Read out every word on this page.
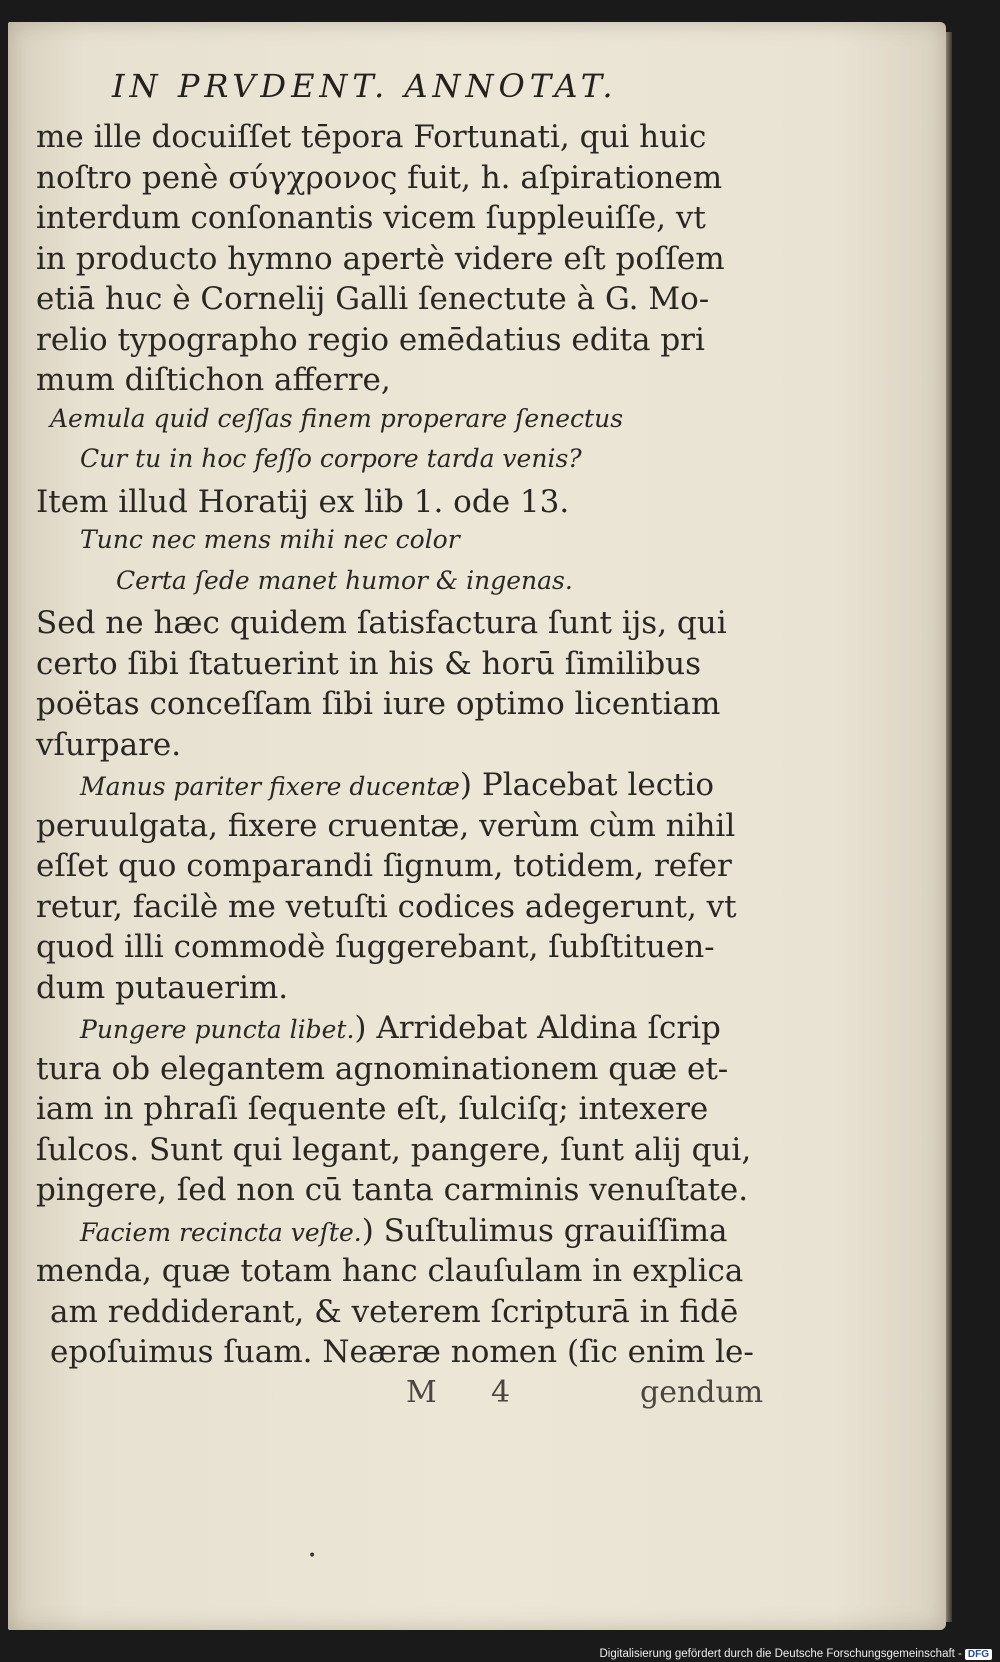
IN PRVDENT. ANNOTAT.
me ille docuiſſet tēpora Fortunati, qui huic
noſtro penè σύγχρονος fuit, h. aſpirationem
interdum conſonantis vicem ſuppleuiſſe, vt
in producto hymno apertè videre eſt poſſem
etiā huc è Cornelij Galli ſenectute à G. Mo-
relio typographo regio emēdatius edita pri
mum diſtichon afferre,
Aemula quid ceſſas finem properare ſenectus
Cur tu in hoc feſſo corpore tarda venis?
Item illud Horatij ex lib 1. ode 13.
Tunc nec mens mihi nec color
Certa ſede manet humor & ingenas.
Sed ne hæc quidem ſatisfactura ſunt ijs, qui
certo ſibi ſtatuerint in his & horū ſimilibus
poëtas conceſſam ſibi iure optimo licentiam
vſurpare.
Manus pariter fixere ducentæ) Placebat lectio
peruulgata, fixere cruentæ, verùm cùm nihil
eſſet quo comparandi ſignum, totidem, refer
retur, facilè me vetuſti codices adegerunt, vt
quod illi commodè ſuggerebant, ſubſtituen-
dum putauerim.
Pungere puncta libet.) Arridebat Aldina ſcrip
tura ob elegantem agnominationem quæ et-
iam in phraſi ſequente eſt, ſulciſq; intexere
ſulcos. Sunt qui legant, pangere, ſunt alij qui,
pingere, ſed non cū tanta carminis venuſtate.
Faciem recincta veſte.) Suſtulimus grauiſſima
menda, quæ totam hanc clauſulam in explica
am reddiderant, & veterem ſcripturā in fidē
epoſuimus ſuam. Neæræ nomen (ſic enim le-
M 4	gendum
•
Digitalisierung gefördert durch die Deutsche Forschungsgemeinschaft - DFG
